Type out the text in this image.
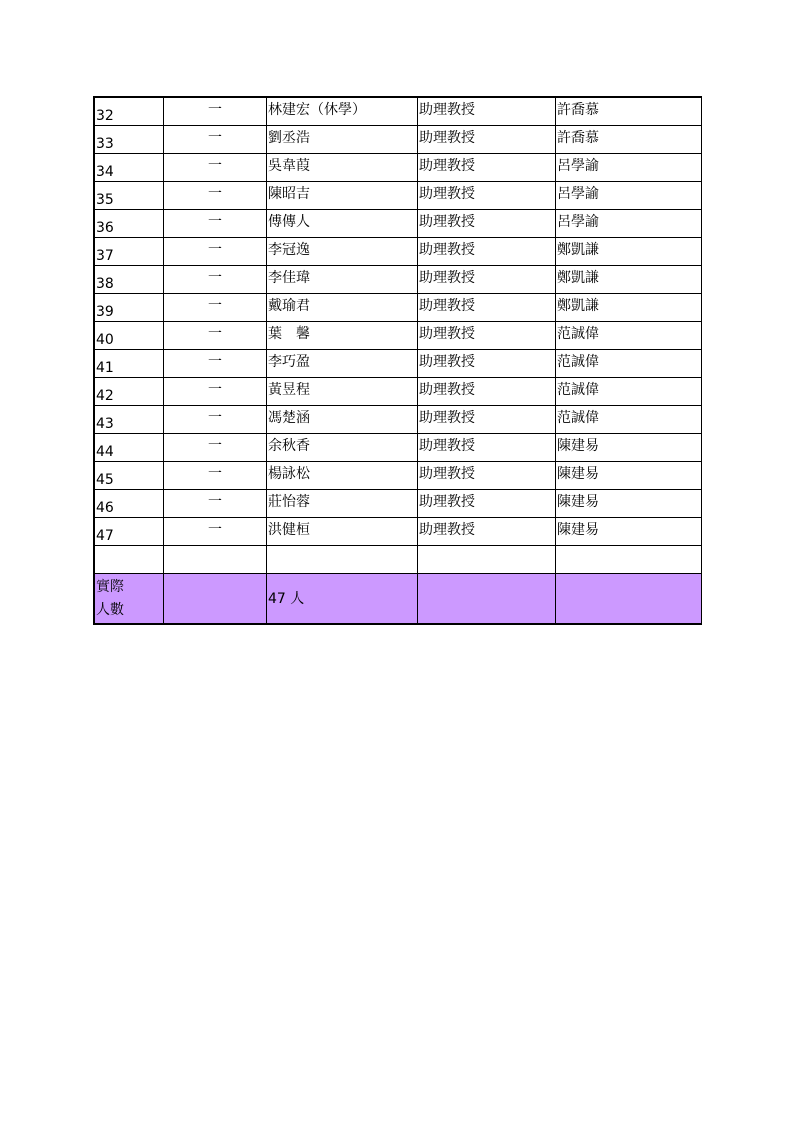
32	一	林建宏（休學）	助理教授	許喬慕
33	一	劉丞浩	助理教授	許喬慕
34	一	吳韋葭	助理教授	呂學諭
35	一	陳昭吉	助理教授	呂學諭
36	一	傅傳人	助理教授	呂學諭
37	一	李冠逸	助理教授	鄭凱謙
38	一	李佳瑋	助理教授	鄭凱謙
39	一	戴瑜君	助理教授	鄭凱謙
40	一	葉　馨	助理教授	范誠偉
41	一	李巧盈	助理教授	范誠偉
42	一	黃昱程	助理教授	范誠偉
43	一	馮楚涵	助理教授	范誠偉
44	一	余秋香	助理教授	陳建易
45	一	楊詠松	助理教授	陳建易
46	一	莊怡蓉	助理教授	陳建易
47	一	洪健桓	助理教授	陳建易

實際
人數		47 人		
